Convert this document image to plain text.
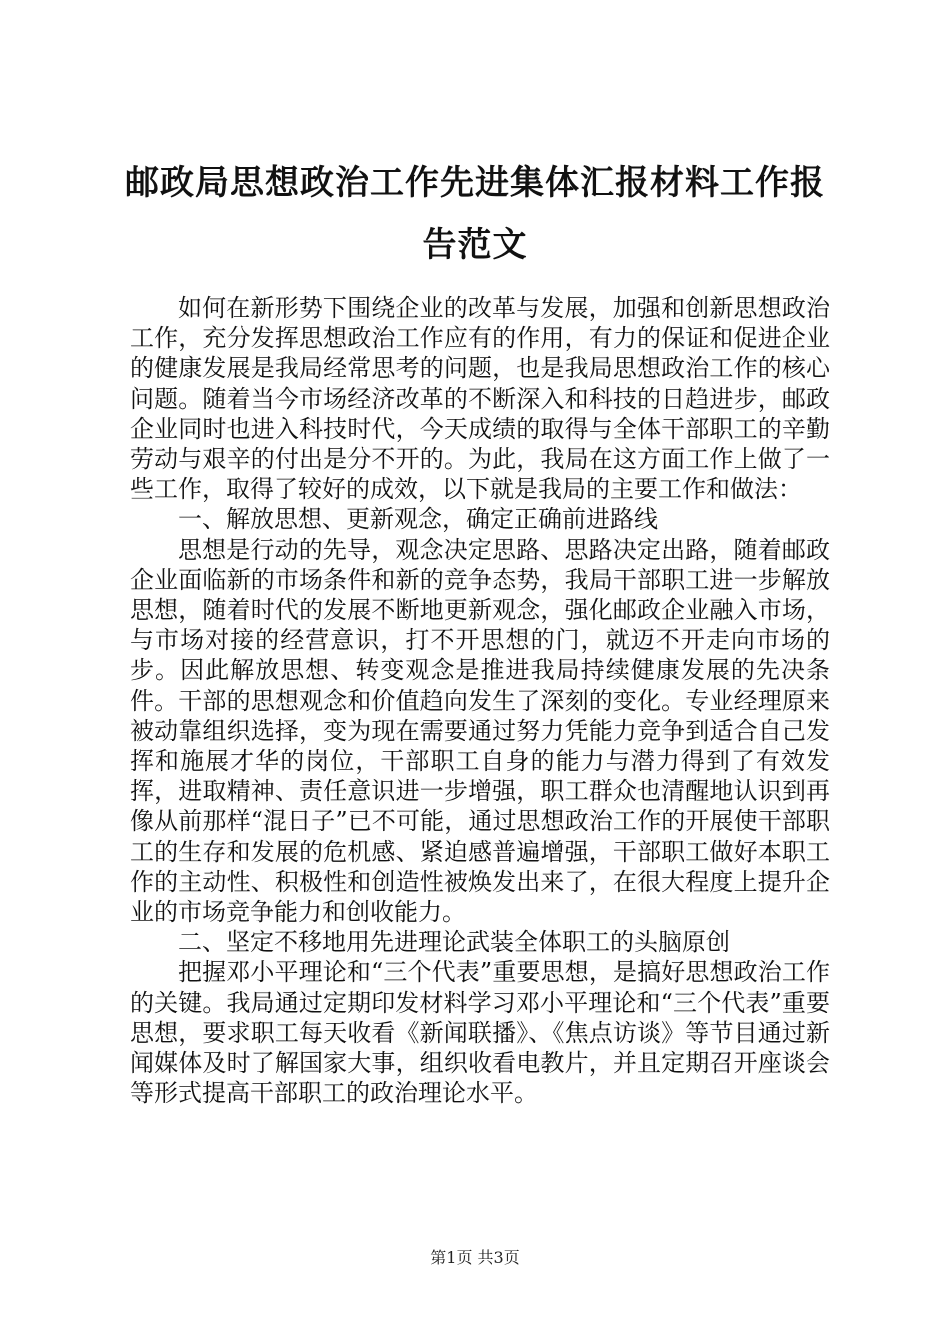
邮政局思想政治工作先进集体汇报材料工作报告范文

如何在新形势下围绕企业的改革与发展，加强和创新思想政治工作，充分发挥思想政治工作应有的作用，有力的保证和促进企业的健康发展是我局经常思考的问题，也是我局思想政治工作的核心问题。随着当今市场经济改革的不断深入和科技的日趋进步，邮政企业同时也进入科技时代，今天成绩的取得与全体干部职工的辛勤劳动与艰辛的付出是分不开的。为此，我局在这方面工作上做了一些工作，取得了较好的成效，以下就是我局的主要工作和做法：

一、解放思想、更新观念，确定正确前进路线

思想是行动的先导，观念决定思路、思路决定出路，随着邮政企业面临新的市场条件和新的竞争态势，我局干部职工进一步解放思想，随着时代的发展不断地更新观念，强化邮政企业融入市场，与市场对接的经营意识，打不开思想的门，就迈不开走向市场的步。因此解放思想、转变观念是推进我局持续健康发展的先决条件。干部的思想观念和价值趋向发生了深刻的变化。专业经理原来被动靠组织选择，变为现在需要通过努力凭能力竞争到适合自己发挥和施展才华的岗位，干部职工自身的能力与潜力得到了有效发挥，进取精神、责任意识进一步增强，职工群众也清醒地认识到再像从前那样“混日子”已不可能，通过思想政治工作的开展使干部职工的生存和发展的危机感、紧迫感普遍增强，干部职工做好本职工作的主动性、积极性和创造性被焕发出来了，在很大程度上提升企业的市场竞争能力和创收能力。

二、坚定不移地用先进理论武装全体职工的头脑原创

把握邓小平理论和“三个代表”重要思想，是搞好思想政治工作的关键。我局通过定期印发材料学习邓小平理论和“三个代表”重要思想，要求职工每天收看《新闻联播》、《焦点访谈》等节目通过新闻媒体及时了解国家大事，组织收看电教片，并且定期召开座谈会等形式提高干部职工的政治理论水平。

第1页 共3页
